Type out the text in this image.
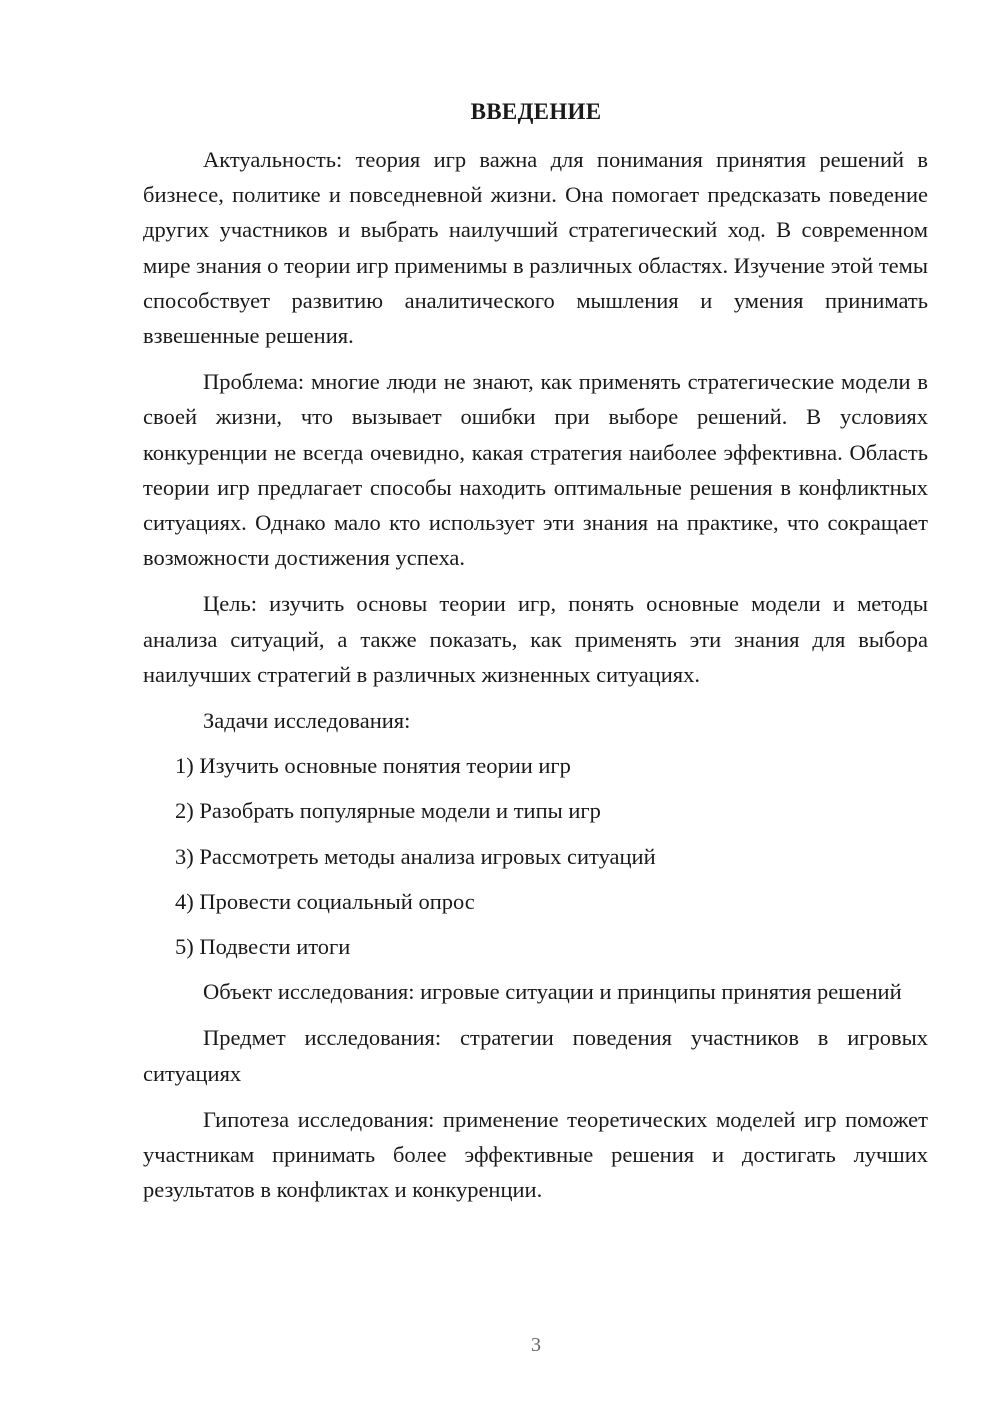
ВВЕДЕНИЕ

Актуальность: теория игр важна для понимания принятия решений в бизнесе, политике и повседневной жизни. Она помогает предсказать поведение других участников и выбрать наилучший стратегический ход. В современном мире знания о теории игр применимы в различных областях. Изучение этой темы способствует развитию аналитического мышления и умения принимать взвешенные решения.

Проблема: многие люди не знают, как применять стратегические модели в своей жизни, что вызывает ошибки при выборе решений. В условиях конкуренции не всегда очевидно, какая стратегия наиболее эффективна. Область теории игр предлагает способы находить оптимальные решения в конфликтных ситуациях. Однако мало кто использует эти знания на практике, что сокращает возможности достижения успеха.

Цель: изучить основы теории игр, понять основные модели и методы анализа ситуаций, а также показать, как применять эти знания для выбора наилучших стратегий в различных жизненных ситуациях.

Задачи исследования:

1) Изучить основные понятия теории игр

2) Разобрать популярные модели и типы игр

3) Рассмотреть методы анализа игровых ситуаций

4) Провести социальный опрос

5) Подвести итоги

Объект исследования: игровые ситуации и принципы принятия решений

Предмет исследования: стратегии поведения участников в игровых ситуациях

Гипотеза исследования: применение теоретических моделей игр поможет участникам принимать более эффективные решения и достигать лучших результатов в конфликтах и конкуренции.

3
